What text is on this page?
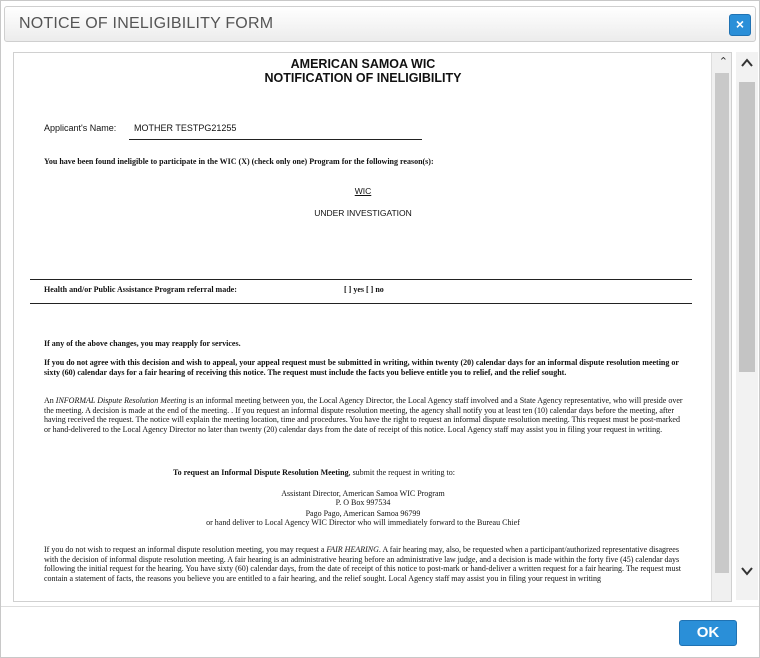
NOTICE OF INELIGIBILITY FORM	×
AMERICAN SAMOA WIC
NOTIFICATION OF INELIGIBILITY
Applicant's Name: MOTHER TESTPG21255
You have been found ineligible to participate in the WIC (X) (check only one) Program for the following reason(s):
WIC
UNDER INVESTIGATION
Health and/or Public Assistance Program referral made:	[ ] yes [ ] no
If any of the above changes, you may reapply for services.
If you do not agree with this decision and wish to appeal, your appeal request must be submitted in writing, within twenty (20) calendar days for an informal dispute resolution meeting or sixty (60) calendar days for a fair hearing of receiving this notice. The request must include the facts you believe entitle you to relief, and the relief sought.
An INFORMAL Dispute Resolution Meeting is an informal meeting between you, the Local Agency Director, the Local Agency staff involved and a State Agency representative, who will preside over the meeting. A decision is made at the end of the meeting. . If you request an informal dispute resolution meeting, the agency shall notify you at least ten (10) calendar days before the meeting, after having received the request. The notice will explain the meeting location, time and procedures. You have the right to request an informal dispute resolution meeting. This request must be post-marked or hand-delivered to the Local Agency Director no later than twenty (20) calendar days from the date of receipt of this notice. Local Agency staff may assist you in filing your request in writing.
To request an Informal Dispute Resolution Meeting, submit the request in writing to:
Assistant Director, American Samoa WIC Program
P. O Box 997534
Pago Pago, American Samoa 96799
or hand deliver to Local Agency WIC Director who will immediately forward to the Bureau Chief
If you do not wish to request an informal dispute resolution meeting, you may request a FAIR HEARING. A fair hearing may, also, be requested when a participant/authorized representative disagrees with the decision of informal dispute resolution meeting. A fair hearing is an administrative hearing before an administrative law judge, and a decision is made within the forty five (45) calendar days following the initial request for the hearing. You have sixty (60) calendar days, from the date of receipt of this notice to post-mark or hand-deliver a written request for a fair hearing. The request must contain a statement of facts, the reasons you believe you are entitled to a fair hearing, and the relief sought. Local Agency staff may assist you in filing your request in writing
⌃
OK
